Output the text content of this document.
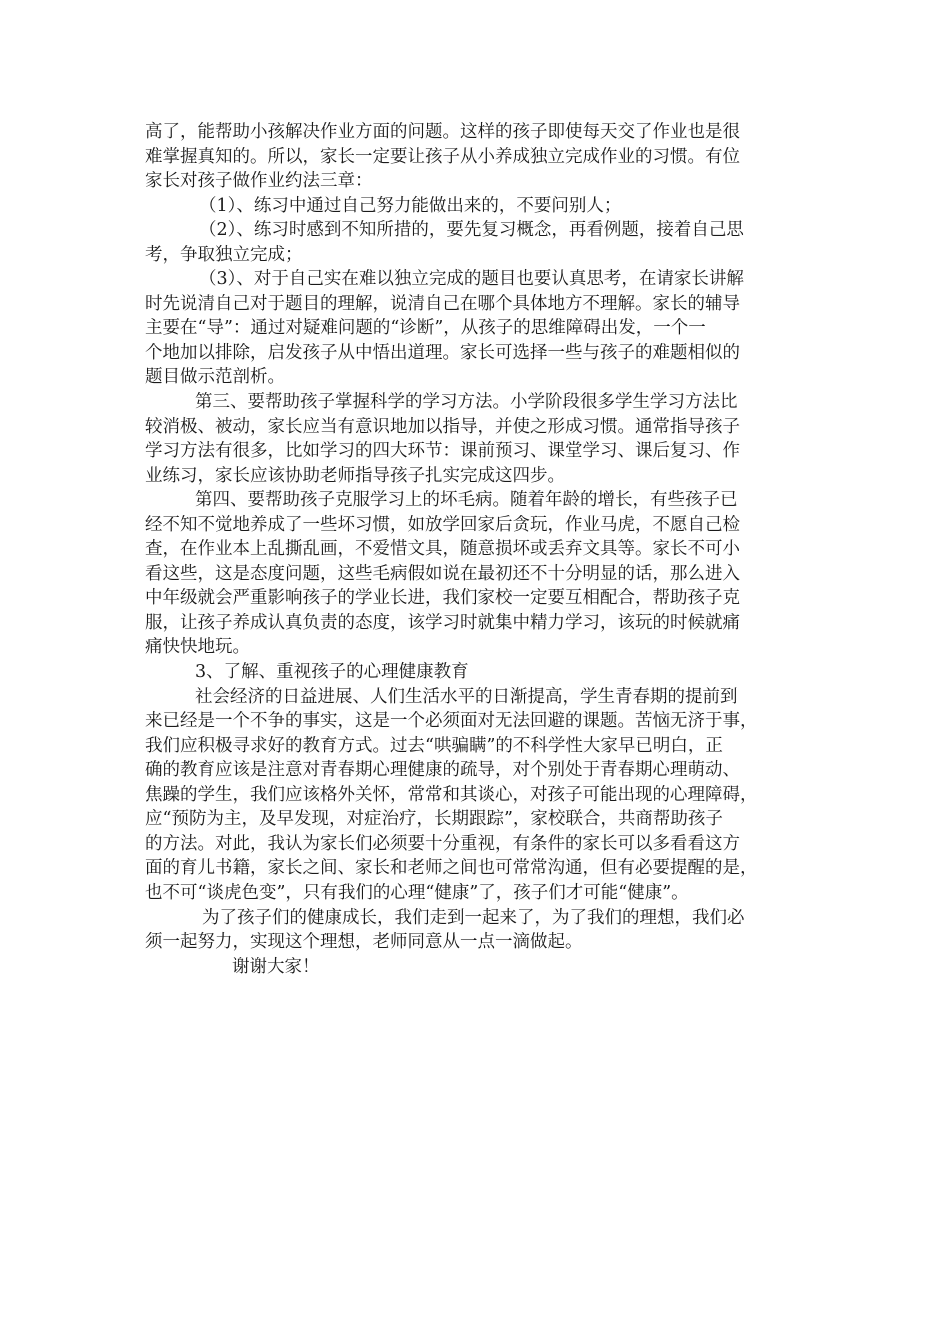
高了，能帮助小孩解决作业方面的问题。这样的孩子即使每天交了作业也是很
难掌握真知的。所以，家长一定要让孩子从小养成独立完成作业的习惯。有位
家长对孩子做作业约法三章：
（1）、练习中通过自己努力能做出来的，不要问别人；
（2）、练习时感到不知所措的，要先复习概念，再看例题，接着自己思
考，争取独立完成；
（3）、对于自己实在难以独立完成的题目也要认真思考，在请家长讲解
时先说清自己对于题目的理解，说清自己在哪个具体地方不理解。家长的辅导
主要在“导”：通过对疑难问题的“诊断”，从孩子的思维障碍出发，一个一
个地加以排除，启发孩子从中悟出道理。家长可选择一些与孩子的难题相似的
题目做示范剖析。
第三、要帮助孩子掌握科学的学习方法。小学阶段很多学生学习方法比
较消极、被动，家长应当有意识地加以指导，并使之形成习惯。通常指导孩子
学习方法有很多，比如学习的四大环节：课前预习、课堂学习、课后复习、作
业练习，家长应该协助老师指导孩子扎实完成这四步。
第四、要帮助孩子克服学习上的坏毛病。随着年龄的增长，有些孩子已
经不知不觉地养成了一些坏习惯，如放学回家后贪玩，作业马虎，不愿自己检
查，在作业本上乱撕乱画，不爱惜文具，随意损坏或丢弃文具等。家长不可小
看这些，这是态度问题，这些毛病假如说在最初还不十分明显的话，那么进入
中年级就会严重影响孩子的学业长进，我们家校一定要互相配合，帮助孩子克
服，让孩子养成认真负责的态度，该学习时就集中精力学习，该玩的时候就痛
痛快快地玩。
3、了解、重视孩子的心理健康教育
社会经济的日益进展、人们生活水平的日渐提高，学生青春期的提前到
来已经是一个不争的事实，这是一个必须面对无法回避的课题。苦恼无济于事，
我们应积极寻求好的教育方式。过去“哄骗瞒”的不科学性大家早已明白，正
确的教育应该是注意对青春期心理健康的疏导，对个别处于青春期心理萌动、
焦躁的学生，我们应该格外关怀，常常和其谈心，对孩子可能出现的心理障碍，
应“预防为主，及早发现，对症治疗，长期跟踪”，家校联合，共商帮助孩子
的方法。对此，我认为家长们必须要十分重视，有条件的家长可以多看看这方
面的育儿书籍，家长之间、家长和老师之间也可常常沟通，但有必要提醒的是，
也不可“谈虎色变”，只有我们的心理“健康”了，孩子们才可能“健康”。
为了孩子们的健康成长，我们走到一起来了，为了我们的理想，我们必
须一起努力，实现这个理想，老师同意从一点一滴做起。
谢谢大家！
